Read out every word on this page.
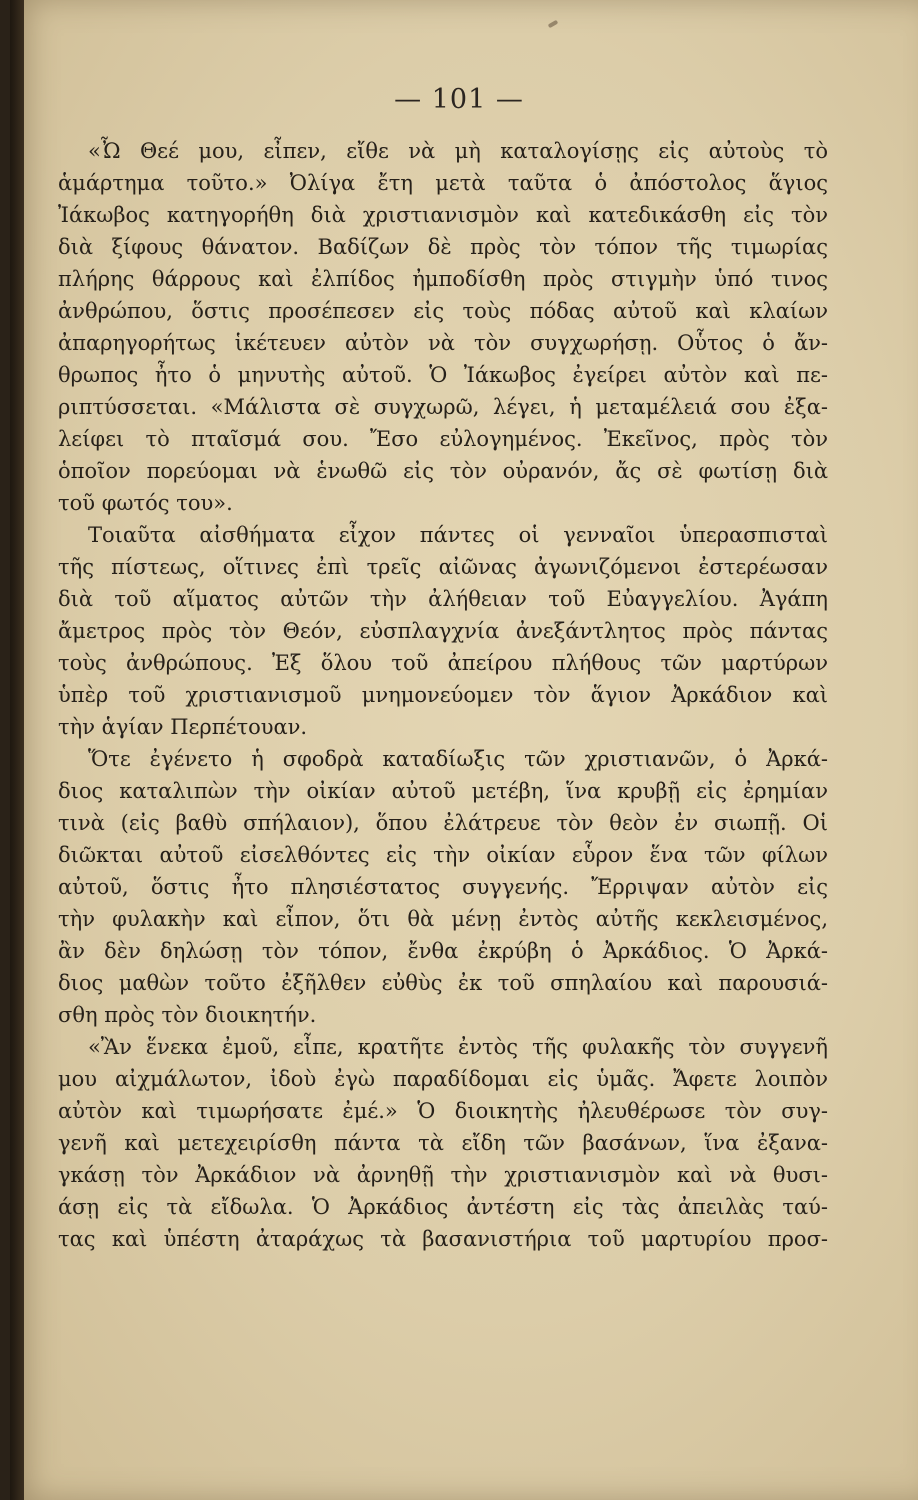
— 101 —
«Ὦ Θεέ μου, εἶπεν, εἴθε νὰ μὴ καταλογίσῃς εἰς αὐτοὺς τὸ
ἁμάρτημα τοῦτο.» Ὀλίγα ἔτη μετὰ ταῦτα ὁ ἀπόστολος ἅγιος
Ἰάκωβος κατηγορήθη διὰ χριστιανισμὸν καὶ κατεδικάσθη εἰς τὸν
διὰ ξίφους θάνατον. Βαδίζων δὲ πρὸς τὸν τόπον τῆς τιμωρίας
πλήρης θάρρους καὶ ἐλπίδος ἠμποδίσθη πρὸς στιγμὴν ὑπό τινος
ἀνθρώπου, ὅστις προσέπεσεν εἰς τοὺς πόδας αὐτοῦ καὶ κλαίων
ἀπαρηγορήτως ἱκέτευεν αὐτὸν νὰ τὸν συγχωρήσῃ. Οὗτος ὁ ἄν-
θρωπος ἦτο ὁ μηνυτὴς αὐτοῦ. Ὁ Ἰάκωβος ἐγείρει αὐτὸν καὶ πε-
ριπτύσσεται. «Μάλιστα σὲ συγχωρῶ, λέγει, ἡ μεταμέλειά σου ἐξα-
λείφει τὸ πταῖσμά σου. Ἔσο εὐλογημένος. Ἐκεῖνος, πρὸς τὸν
ὁποῖον πορεύομαι νὰ ἑνωθῶ εἰς τὸν οὐρανόν, ἄς σὲ φωτίσῃ διὰ
τοῦ φωτός του».
Τοιαῦτα αἰσθήματα εἶχον πάντες οἱ γενναῖοι ὑπερασπισταὶ
τῆς πίστεως, οἵτινες ἐπὶ τρεῖς αἰῶνας ἀγωνιζόμενοι ἐστερέωσαν
διὰ τοῦ αἵματος αὐτῶν τὴν ἀλήθειαν τοῦ Εὐαγγελίου. Ἀγάπη
ἄμετρος πρὸς τὸν Θεόν, εὐσπλαγχνία ἀνεξάντλητος πρὸς πάντας
τοὺς ἀνθρώπους. Ἐξ ὅλου τοῦ ἀπείρου πλήθους τῶν μαρτύρων
ὑπὲρ τοῦ χριστιανισμοῦ μνημονεύομεν τὸν ἅγιον Ἀρκάδιον καὶ
τὴν ἁγίαν Περπέτουαν.
Ὅτε ἐγένετο ἡ σφοδρὰ καταδίωξις τῶν χριστιανῶν, ὁ Ἀρκά-
διος καταλιπὼν τὴν οἰκίαν αὐτοῦ μετέβη, ἵνα κρυβῇ εἰς ἐρημίαν
τινὰ (εἰς βαθὺ σπήλαιον), ὅπου ἐλάτρευε τὸν θεὸν ἐν σιωπῇ. Οἱ
διῶκται αὐτοῦ εἰσελθόντες εἰς τὴν οἰκίαν εὗρον ἕνα τῶν φίλων
αὐτοῦ, ὅστις ἦτο πλησιέστατος συγγενής. Ἔρριψαν αὐτὸν εἰς
τὴν φυλακὴν καὶ εἶπον, ὅτι θὰ μένῃ ἐντὸς αὐτῆς κεκλεισμένος,
ἂν δὲν δηλώσῃ τὸν τόπον, ἔνθα ἐκρύβη ὁ Ἀρκάδιος. Ὁ Ἀρκά-
διος μαθὼν τοῦτο ἐξῆλθεν εὐθὺς ἐκ τοῦ σπηλαίου καὶ παρουσιά-
σθη πρὸς τὸν διοικητήν.
«Ἂν ἕνεκα ἐμοῦ, εἶπε, κρατῆτε ἐντὸς τῆς φυλακῆς τὸν συγγενῆ
μου αἰχμάλωτον, ἰδοὺ ἐγὼ παραδίδομαι εἰς ὑμᾶς. Ἄφετε λοιπὸν
αὐτὸν καὶ τιμωρήσατε ἐμέ.» Ὁ διοικητὴς ἠλευθέρωσε τὸν συγ-
γενῆ καὶ μετεχειρίσθη πάντα τὰ εἴδη τῶν βασάνων, ἵνα ἐξανα-
γκάσῃ τὸν Ἀρκάδιον νὰ ἀρνηθῇ τὴν χριστιανισμὸν καὶ νὰ θυσι-
άσῃ εἰς τὰ εἴδωλα. Ὁ Ἀρκάδιος ἀντέστη εἰς τὰς ἀπειλὰς ταύ-
τας καὶ ὑπέστη ἀταράχως τὰ βασανιστήρια τοῦ μαρτυρίου προσ-
